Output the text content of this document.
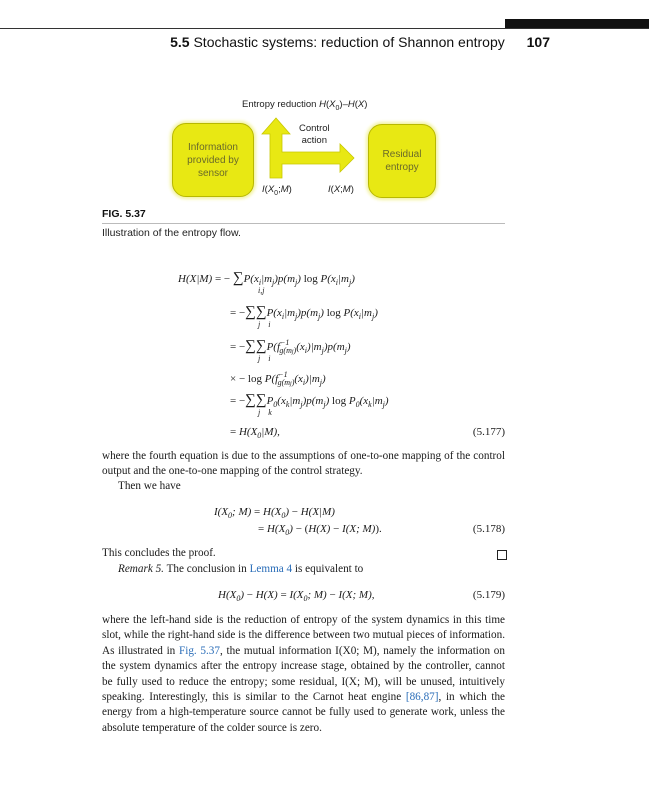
5.5 Stochastic systems: reduction of Shannon entropy 107
Entropy reduction $H(X_0)-H(X)$
Information
provided by
sensor
Residual
entropy
Control
action
$I(X_0;M)$	I(X;M)
FIG. 5.37
Illustration of the entropy flow.
H(X|M) = − $\sum P(x_i|m_j)p(m_j)$ $\log P(x_i|m_j)$
i,j
= $-\sum\sum P(x_i|m_j)p(m_j)$ $\log P(x_i|m_j)$
j    i
= $-\sum\sum P(f^{-1}_{g(mj)}(x_i)|m_j)p(m_j)$
j    i
× − $\log P(f^{-1}_{g(mj)}(x_i)|m_j)$
= $-\sum\sum P_0(x_k|m_j)p(m_j)$ $\log P_0(x_k|m_j)$
j    k
= $H(X_0|M)$,	(5.177)
where the fourth equation is due to the assumptions of one-to-one mapping of the control output and the one-to-one mapping of the control strategy.
Then we have
$I(X_0$; $M) = H(X_0) - H(X|M)$
= $H(X_0) - (H(X) - I(X$; M)).	(5.178)
This concludes the proof.
Remark 5. The conclusion in Lemma 4 is equivalent to
$H(X_0) - H(X) = I(X_0$; M) − I(X; M),	(5.179)
where the left-hand side is the reduction of entropy of the system dynamics in this time slot, while the right-hand side is the difference between two mutual pieces of information. As illustrated in Fig. 5.37, the mutual information I(X0; M), namely the information on the system dynamics after the entropy increase stage, obtained by the controller, cannot be fully used to reduce the entropy; some residual, I(X; M), will be unused, intuitively speaking. Interestingly, this is similar to the Carnot heat engine [86,87], in which the energy from a high-temperature source cannot be fully used to generate work, unless the absolute temperature of the colder source is zero.
